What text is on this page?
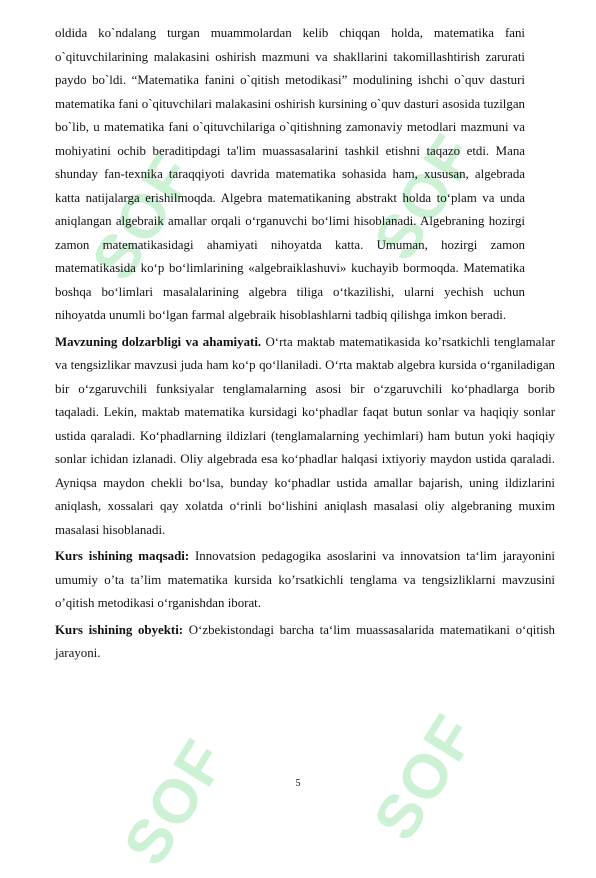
SOF
SOF
SOF
SOF

oldida ko`ndalang turgan muammolardan kelib chiqqan holda, matematika fani o`qituvchilarining malakasini oshirish mazmuni va shakllarini takomillashtirish zarurati paydo bo`ldi. “Matematika fanini o`qitish metodikasi” modulining ishchi o`quv dasturi matematika fani o`qituvchilari malakasini oshirish kursining o`quv dasturi asosida tuzilgan bo`lib, u matematika fani o`qituvchilariga o`qitishning zamonaviy metodlari mazmuni va mohiyatini ochib beraditipdagi ta'lim muassasalarini tashkil etishni taqazo etdi. Mana shunday fan-texnika taraqqiyoti davrida matematika sohasida ham, xususan, algebrada katta natijalarga erishilmoqda. Algebra matematikaning abstrakt holda to‘plam va unda aniqlangan algebraik amallar orqali o‘rganuvchi bo‘limi hisoblanadi. Algebraning hozirgi zamon matematikasidagi ahamiyati nihoyatda katta. Umuman, hozirgi zamon matematikasida ko‘p bo‘limlarining «algebraiklashuvi» kuchayib bormoqda. Matematika boshqa bo‘limlari masalalarining algebra tiliga o‘tkazilishi, ularni yechish uchun nihoyatda unumli bo‘lgan farmal algebraik hisoblashlarni tadbiq qilishga imkon beradi.

Mavzuning dolzarbligi va ahamiyati. O‘rta maktab matematikasida ko’rsatkichli tenglamalar va tengsizlikar mavzusi juda ham ko‘p qo‘llaniladi. O‘rta maktab algebra kursida o‘rganiladigan bir o‘zgaruvchili funksiyalar tenglamalarning asosi bir o‘zgaruvchili ko‘phadlarga borib taqaladi. Lekin, maktab matematika kursidagi ko‘phadlar faqat butun sonlar va haqiqiy sonlar ustida qaraladi. Ko‘phadlarning ildizlari (tenglamalarning yechimlari) ham butun yoki haqiqiy sonlar ichidan izlanadi. Oliy algebrada esa ko‘phadlar halqasi ixtiyoriy maydon ustida qaraladi. Ayniqsa maydon chekli bo‘lsa, bunday ko‘phadlar ustida amallar bajarish, uning ildizlarini aniqlash, xossalari qay xolatda o‘rinli bo‘lishini aniqlash masalasi oliy algebraning muxim masalasi hisoblanadi.

Kurs ishining maqsadi: Innovatsion pedagogika asoslarini va innovatsion ta‘lim jarayonini umumiy o’ta ta’lim matematika kursida ko’rsatkichli tenglama va tengsizliklarni mavzusini o’qitish metodikasi o‘rganishdan iborat.

Kurs ishining obyekti: O‘zbekistondagi barcha ta‘lim muassasalarida matematikani o‘qitish jarayoni.

5
